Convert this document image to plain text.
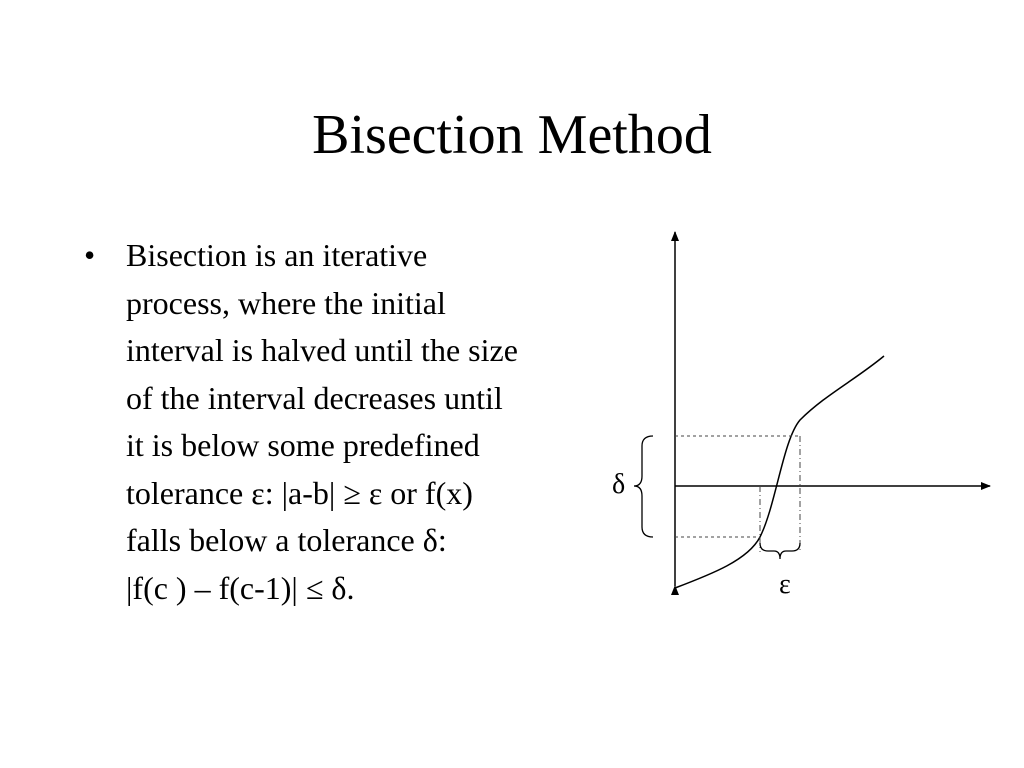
Bisection Method
• Bisection is an iterative
process, where the initial
interval is halved until the size
of the interval decreases until
it is below some predefined
tolerance ε: |a-b| ≥ ε or f(x)
falls below a tolerance δ:
|f(c ) – f(c-1)| ≤ δ.
δ
ε
